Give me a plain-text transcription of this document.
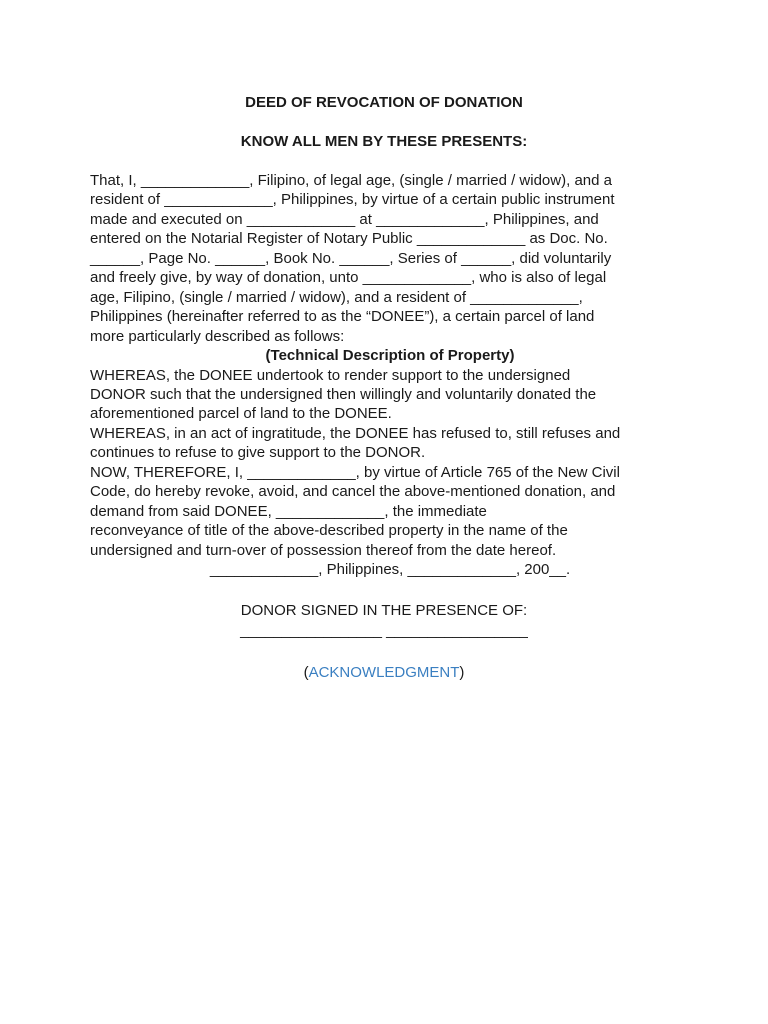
DEED OF REVOCATION OF DONATION
KNOW ALL MEN BY THESE PRESENTS:
That, I, _____________, Filipino, of legal age, (single / married / widow), and a
resident of _____________, Philippines, by virtue of a certain public instrument
made and executed on _____________ at _____________, Philippines, and
entered on the Notarial Register of Notary Public _____________ as Doc. No.
______, Page No. ______, Book No. ______, Series of ______, did voluntarily
and freely give, by way of donation, unto _____________, who is also of legal
age, Filipino, (single / married / widow), and a resident of _____________,
Philippines (hereinafter referred to as the “DONEE”), a certain parcel of land
more particularly described as follows:
(Technical Description of Property)
WHEREAS, the DONEE undertook to render support to the undersigned
DONOR such that the undersigned then willingly and voluntarily donated the
aforementioned parcel of land to the DONEE.
WHEREAS, in an act of ingratitude, the DONEE has refused to, still refuses and
continues to refuse to give support to the DONOR.
NOW, THEREFORE, I, _____________, by virtue of Article 765 of the New Civil
Code, do hereby revoke, avoid, and cancel the above-mentioned donation, and
demand from said DONEE, _____________, the immediate
reconveyance of title of the above-described property in the name of the
undersigned and turn-over of possession thereof from the date hereof.
_____________, Philippines, _____________, 200__.
DONOR SIGNED IN THE PRESENCE OF:
_________________ _________________
(ACKNOWLEDGMENT)
